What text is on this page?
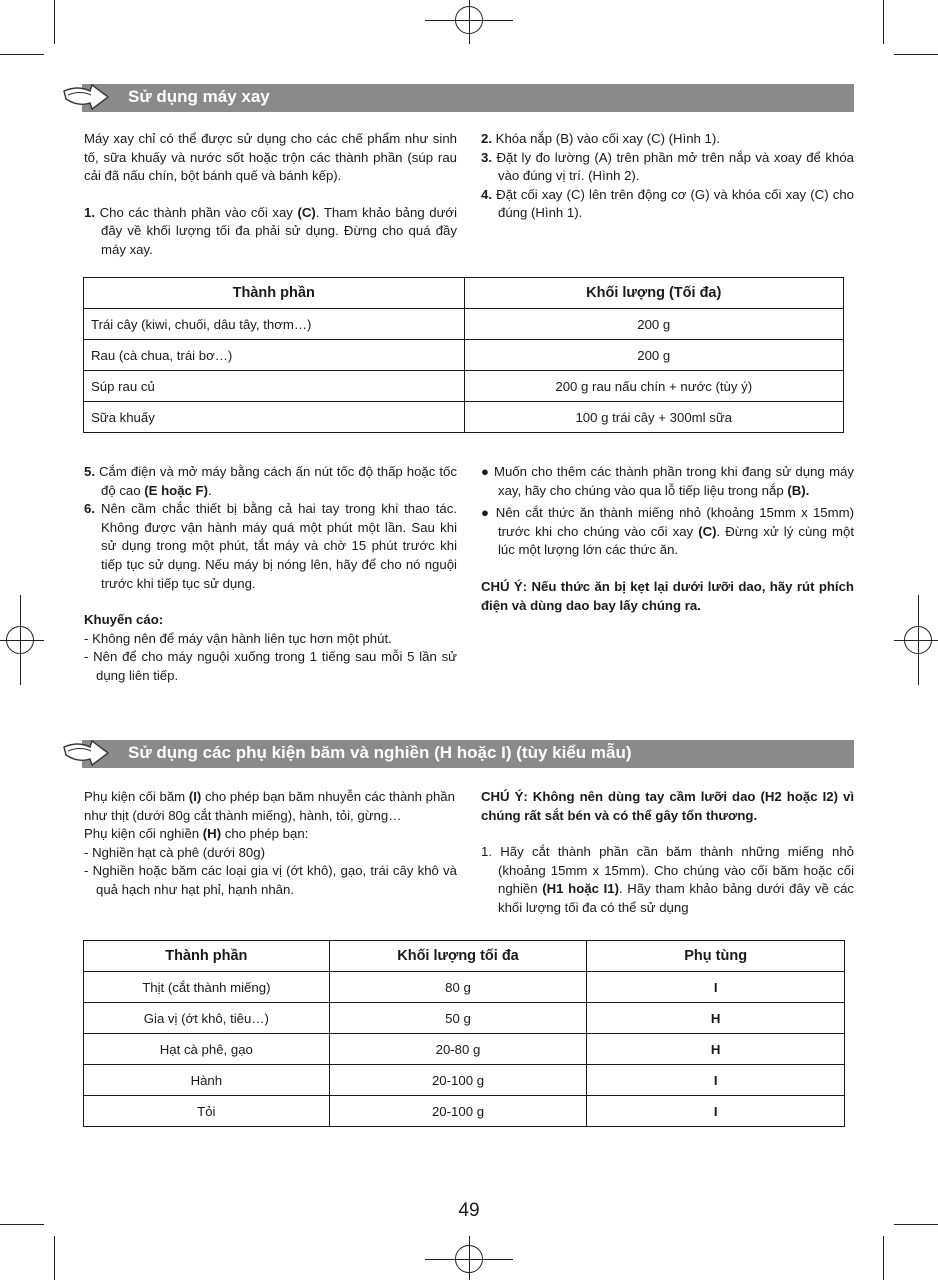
Sử dụng máy xay

Máy xay chỉ có thể được sử dụng cho các chế phẩm như sinh tố, sữa khuấy và nước sốt hoặc trộn các thành phần (súp rau cải đã nấu chín, bột bánh quế và bánh kếp).

1. Cho các thành phần vào cối xay (C). Tham khảo bảng dưới đây về khối lượng tối đa phải sử dụng. Đừng cho quá đầy máy xay.

2. Khóa nắp (B) vào cối xay (C) (Hình 1).

3. Đặt ly đo lường (A) trên phần mở trên nắp và xoay để khóa vào đúng vị trí. (Hình 2).

4. Đặt cối xay (C) lên trên động cơ (G) và khóa cối xay (C) cho đúng (Hình 1).

Thành phần	Khối lượng (Tối đa)
Trái cây (kiwi, chuối, dâu tây, thơm…)	200 g
Rau (cà chua, trái bơ…)	200 g
Súp rau củ	200 g rau nấu chín + nước (tùy ý)
Sữa khuấy	100 g trái cây + 300ml sữa

5. Cắm điện và mở máy bằng cách ấn nút tốc độ thấp hoặc tốc độ cao (E hoặc F).

6. Nên cầm chắc thiết bị bằng cả hai tay trong khi thao tác. Không được vận hành máy quá một phút một lần. Sau khi sử dụng trong một phút, tắt máy và chờ 15 phút trước khi tiếp tục sử dụng. Nếu máy bị nóng lên, hãy để cho nó nguội trước khi tiếp tục sử dụng.

Khuyến cáo:

- Không nên để máy vận hành liên tục hơn một phút.

- Nên để cho máy nguội xuống trong 1 tiếng sau mỗi 5 lần sử dụng liên tiếp.

● Muốn cho thêm các thành phần trong khi đang sử dụng máy xay, hãy cho chúng vào qua lỗ tiếp liệu trong nắp (B).

● Nên cắt thức ăn thành miếng nhỏ (khoảng 15mm x 15mm) trước khi cho chúng vào cối xay (C). Đừng xử lý cùng một lúc một lượng lớn các thức ăn.

CHÚ Ý: Nếu thức ăn bị kẹt lại dưới lưỡi dao, hãy rút phích điện và dùng dao bay lấy chúng ra.

Sử dụng các phụ kiện băm và nghiền (H hoặc I) (tùy kiểu mẫu)

Phụ kiện cối băm (I) cho phép bạn băm nhuyễn các thành phần như thịt (dưới 80g cắt thành miếng), hành, tỏi, gừng…

Phụ kiện cối nghiền (H) cho phép bạn:

- Nghiền hạt cà phê (dưới 80g)

- Nghiền hoặc băm các loại gia vị (ớt khô), gạo, trái cây khô và quả hạch như hạt phỉ, hạnh nhân.

CHÚ Ý: Không nên dùng tay cầm lưỡi dao (H2 hoặc I2) vì chúng rất sắt bén và có thể gây tổn thương.

1. Hãy cắt thành phần cần băm thành những miếng nhỏ (khoảng 15mm x 15mm). Cho chúng vào cối băm hoặc cối nghiền (H1 hoặc I1). Hãy tham khảo bảng dưới đây về các khối lượng tối đa có thể sử dụng

Thành phần	Khối lượng tối đa	Phụ tùng
Thịt (cắt thành miếng)	80 g	I
Gia vị (ớt khô, tiêu…)	50 g	H
Hạt cà phê, gạo	20-80 g	H
Hành	20-100 g	I
Tỏi	20-100 g	I
49
